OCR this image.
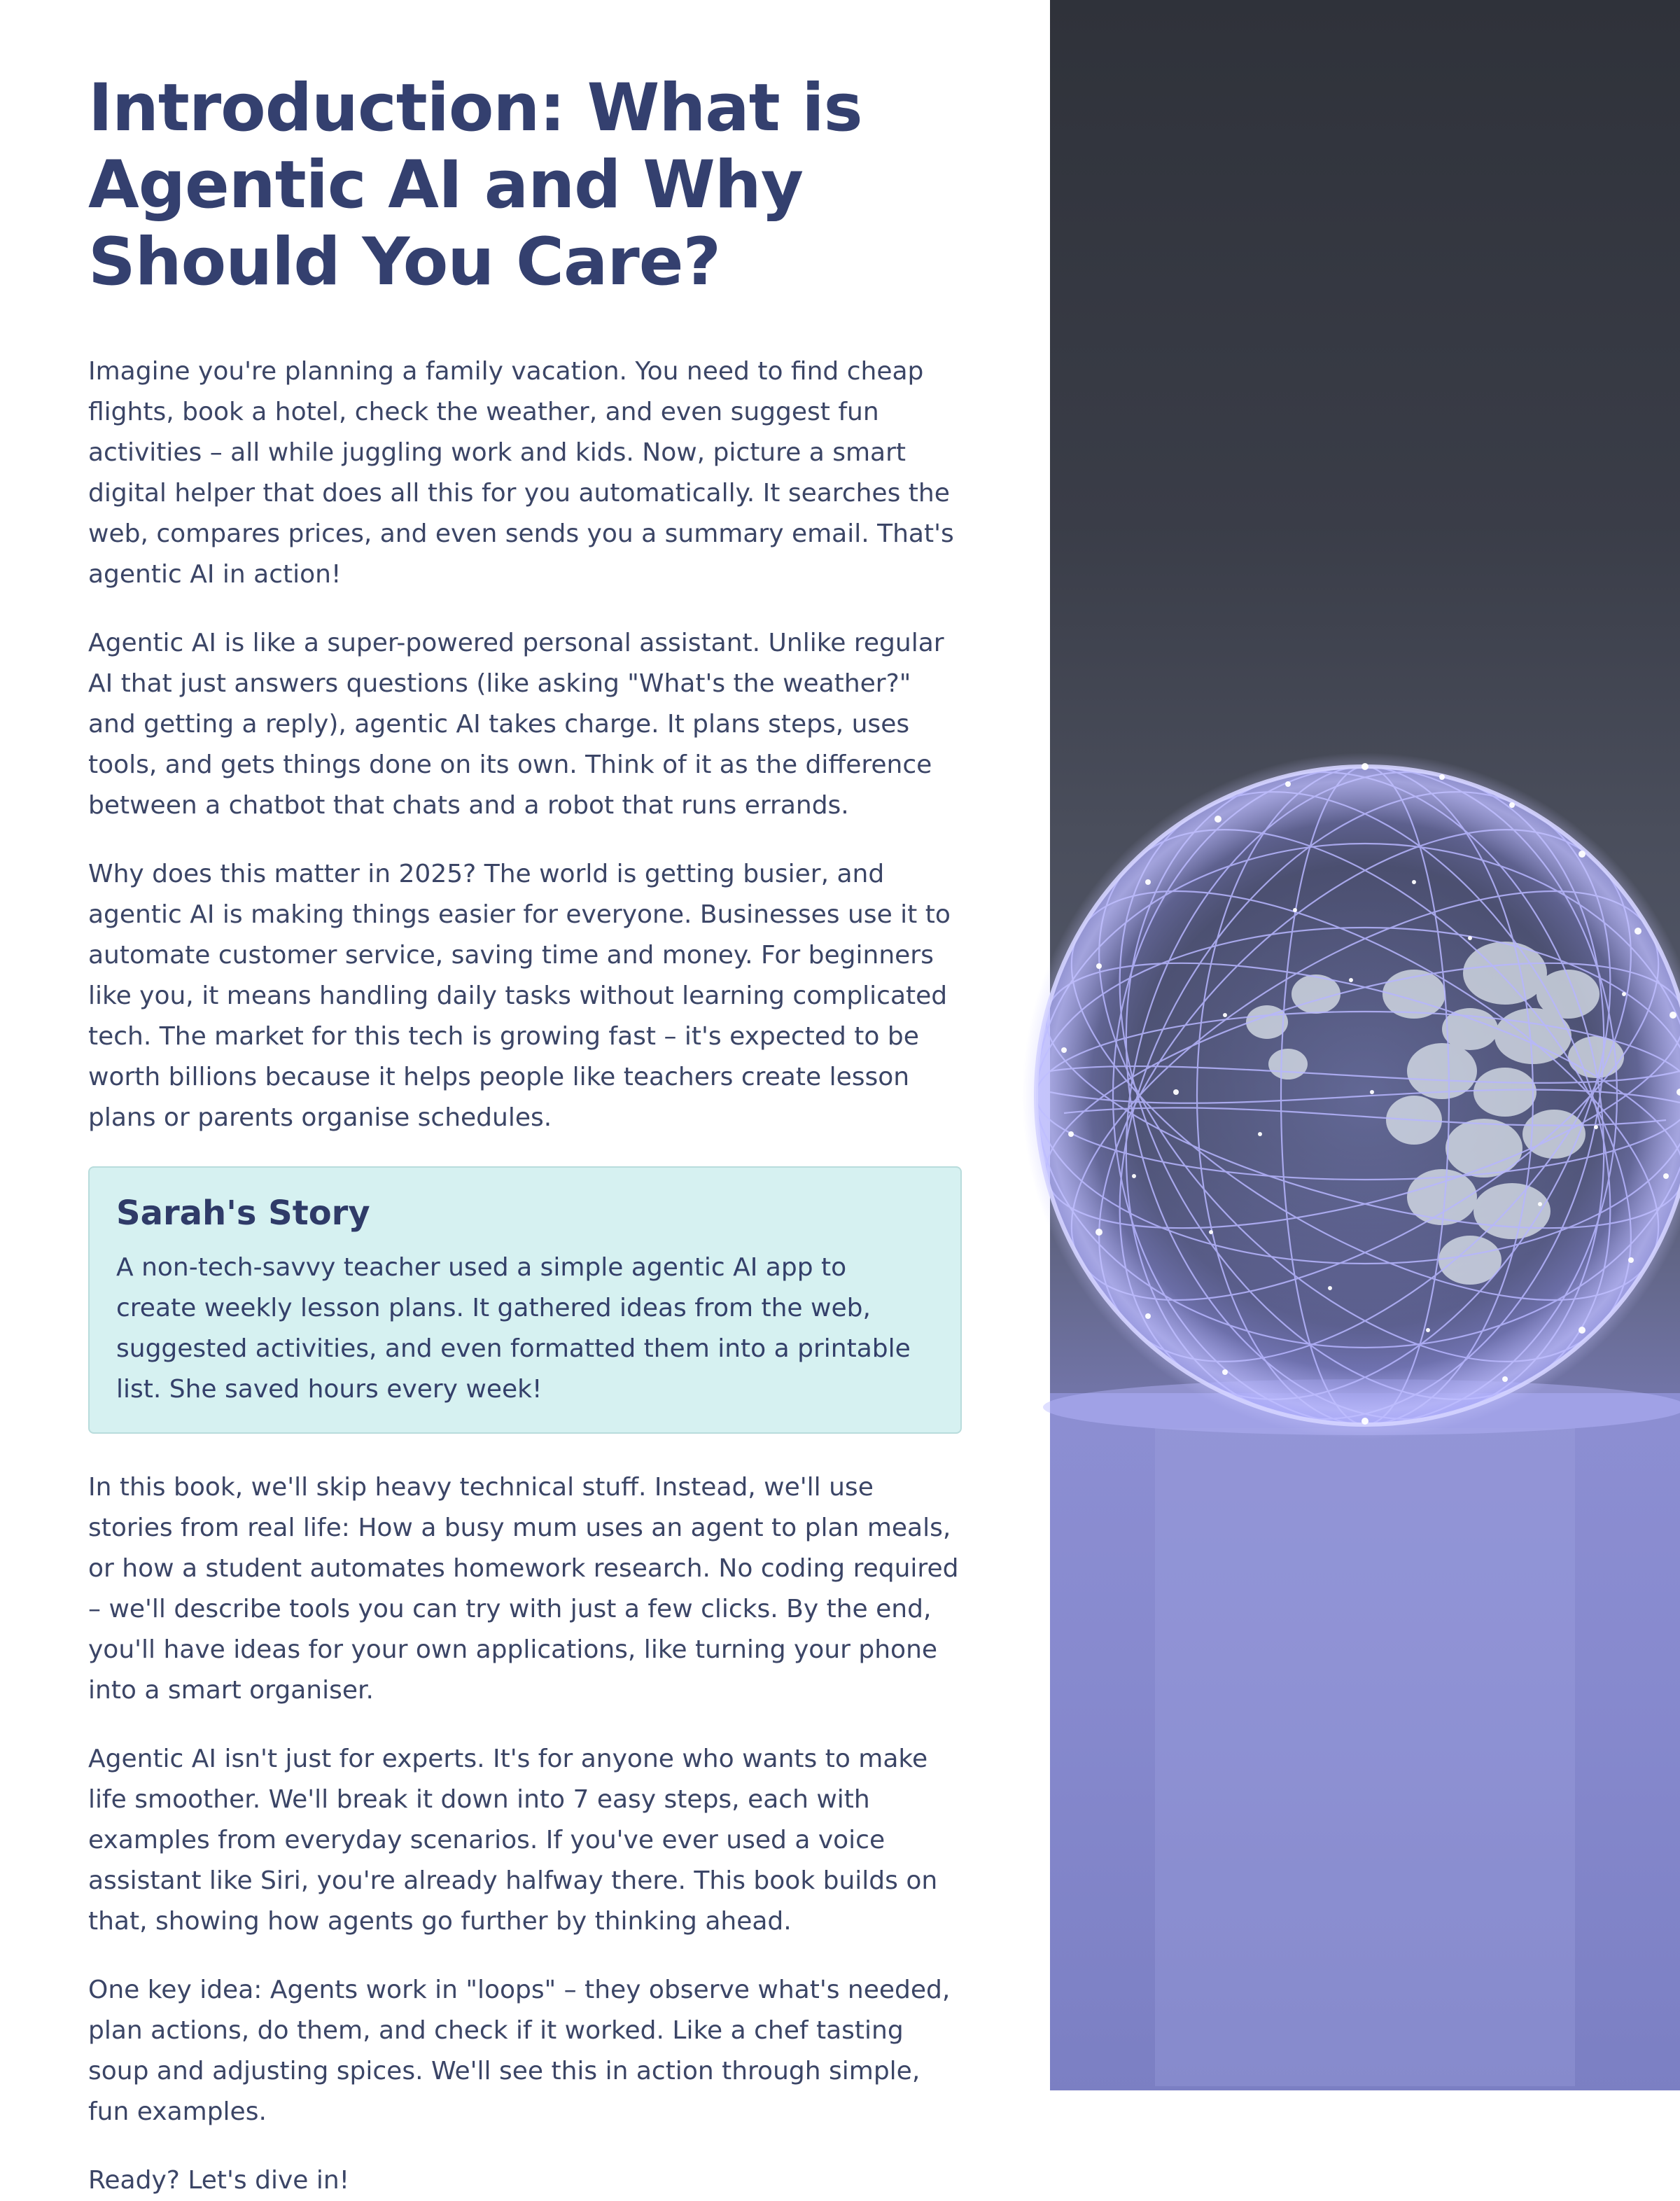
Introduction: What is Agentic AI and Why Should You Care?

Imagine you're planning a family vacation. You need to find cheap flights, book a hotel, check the weather, and even suggest fun activities – all while juggling work and kids. Now, picture a smart digital helper that does all this for you automatically. It searches the web, compares prices, and even sends you a summary email. That's agentic AI in action!

Agentic AI is like a super-powered personal assistant. Unlike regular AI that just answers questions (like asking "What's the weather?" and getting a reply), agentic AI takes charge. It plans steps, uses tools, and gets things done on its own. Think of it as the difference between a chatbot that chats and a robot that runs errands.

Why does this matter in 2025? The world is getting busier, and agentic AI is making things easier for everyone. Businesses use it to automate customer service, saving time and money. For beginners like you, it means handling daily tasks without learning complicated tech. The market for this tech is growing fast – it's expected to be worth billions because it helps people like teachers create lesson plans or parents organise schedules.

Sarah's Story

A non-tech-savvy teacher used a simple agentic AI app to create weekly lesson plans. It gathered ideas from the web, suggested activities, and even formatted them into a printable list. She saved hours every week!

In this book, we'll skip heavy technical stuff. Instead, we'll use stories from real life: How a busy mum uses an agent to plan meals, or how a student automates homework research. No coding required – we'll describe tools you can try with just a few clicks. By the end, you'll have ideas for your own applications, like turning your phone into a smart organiser.

Agentic AI isn't just for experts. It's for anyone who wants to make life smoother. We'll break it down into 7 easy steps, each with examples from everyday scenarios. If you've ever used a voice assistant like Siri, you're already halfway there. This book builds on that, showing how agents go further by thinking ahead.

One key idea: Agents work in "loops" – they observe what's needed, plan actions, do them, and check if it worked. Like a chef tasting soup and adjusting spices. We'll see this in action through simple, fun examples.

Ready? Let's dive in!
